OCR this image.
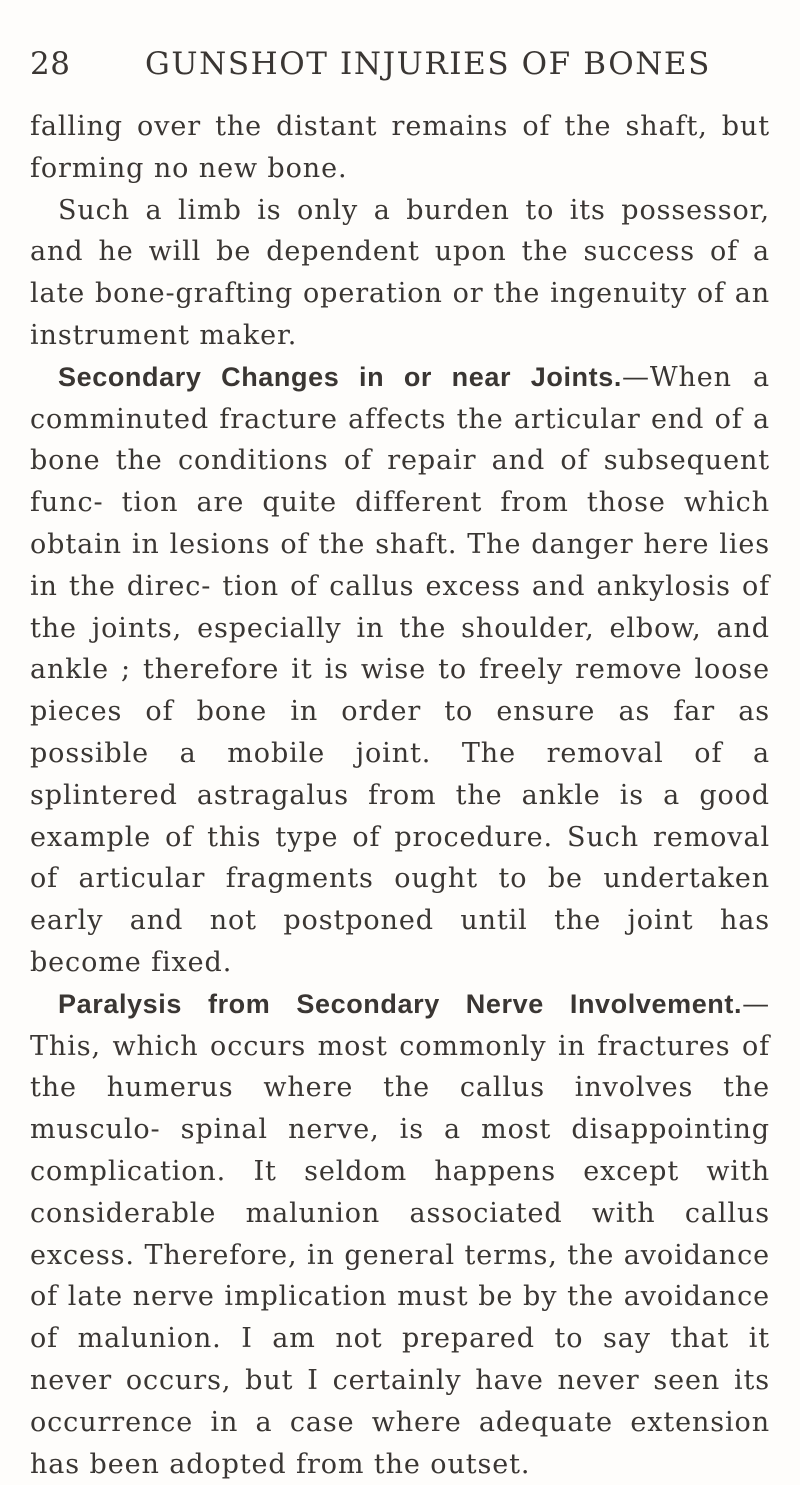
28 GUNSHOT INJURIES OF BONES

falling over the distant remains of the shaft, but forming no new bone.

Such a limb is only a burden to its possessor, and he will be dependent upon the success of a late bone-grafting operation or the ingenuity of an instrument maker.

Secondary Changes in or near Joints.—When a comminuted fracture affects the articular end of a bone the conditions of repair and of subsequent func- tion are quite different from those which obtain in lesions of the shaft. The danger here lies in the direc- tion of callus excess and ankylosis of the joints, especially in the shoulder, elbow, and ankle ; therefore it is wise to freely remove loose pieces of bone in order to ensure as far as possible a mobile joint. The removal of a splintered astragalus from the ankle is a good example of this type of procedure. Such removal of articular fragments ought to be undertaken early and not postponed until the joint has become fixed.

Paralysis from Secondary Nerve Involvement.— This, which occurs most commonly in fractures of the humerus where the callus involves the musculo- spinal nerve, is a most disappointing complication. It seldom happens except with considerable malunion associated with callus excess. Therefore, in general terms, the avoidance of late nerve implication must be by the avoidance of malunion. I am not prepared to say that it never occurs, but I certainly have never seen its occurrence in a case where adequate extension has been adopted from the outset.
